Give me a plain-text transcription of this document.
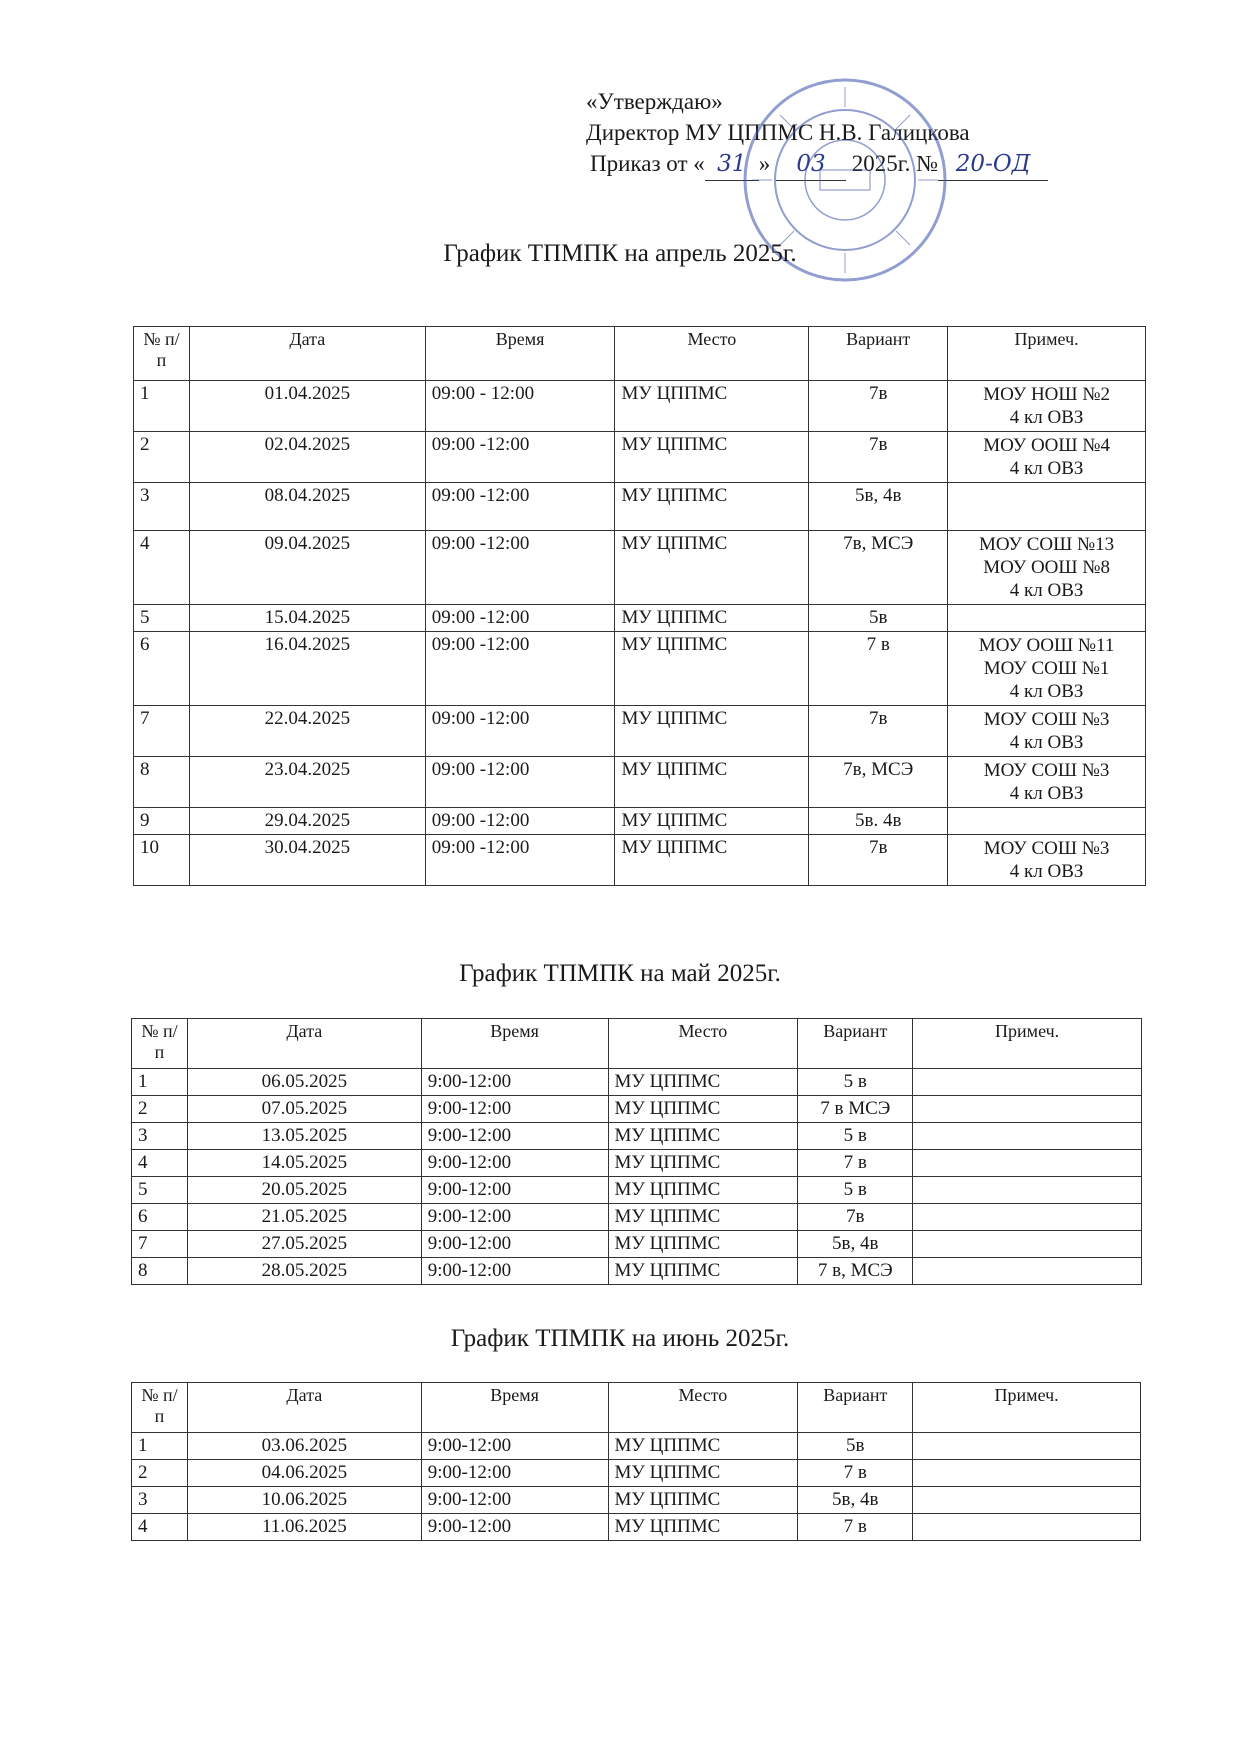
«Утверждаю»
Директор МУ ЦППМС Н.В. Галицкова
Приказ от « 31 » 03 2025г. № 20-ОД
График ТПМПК на апрель 2025г.
№ п/п	Дата	Время	Место	Вариант	Примеч.
1	01.04.2025	09:00 - 12:00	МУ ЦППМС	7в	МОУ НОШ №2
4 кл ОВЗ

2	02.04.2025	09:00 -12:00	МУ ЦППМС	7в	МОУ ООШ №4
4 кл ОВЗ

3	08.04.2025	09:00 -12:00	МУ ЦППМС	5в, 4в	
4	09.04.2025	09:00 -12:00	МУ ЦППМС	7в, МСЭ	МОУ СОШ №13
МОУ ООШ №8
4 кл ОВЗ

5	15.04.2025	09:00 -12:00	МУ ЦППМС	5в	
6	16.04.2025	09:00 -12:00	МУ ЦППМС	7 в	МОУ ООШ №11
МОУ СОШ №1
4 кл ОВЗ

7	22.04.2025	09:00 -12:00	МУ ЦППМС	7в	МОУ СОШ №3
4 кл ОВЗ

8	23.04.2025	09:00 -12:00	МУ ЦППМС	7в, МСЭ	МОУ СОШ №3
4 кл ОВЗ

9	29.04.2025	09:00 -12:00	МУ ЦППМС	5в. 4в	
10	30.04.2025	09:00 -12:00	МУ ЦППМС	7в	МОУ СОШ №3
4 кл ОВЗ
График ТПМПК на май 2025г.
№ п/п	Дата	Время	Место	Вариант	Примеч.
1	06.05.2025	9:00-12:00	МУ ЦППМС	5 в	
2	07.05.2025	9:00-12:00	МУ ЦППМС	7 в МСЭ	
3	13.05.2025	9:00-12:00	МУ ЦППМС	5 в	
4	14.05.2025	9:00-12:00	МУ ЦППМС	7 в	
5	20.05.2025	9:00-12:00	МУ ЦППМС	5 в	
6	21.05.2025	9:00-12:00	МУ ЦППМС	7в	
7	27.05.2025	9:00-12:00	МУ ЦППМС	5в, 4в	
8	28.05.2025	9:00-12:00	МУ ЦППМС	7 в, МСЭ	
График ТПМПК на июнь 2025г.
№ п/п	Дата	Время	Место	Вариант	Примеч.
1	03.06.2025	9:00-12:00	МУ ЦППМС	5в	
2	04.06.2025	9:00-12:00	МУ ЦППМС	7 в	
3	10.06.2025	9:00-12:00	МУ ЦППМС	5в, 4в	
4	11.06.2025	9:00-12:00	МУ ЦППМС	7 в	
